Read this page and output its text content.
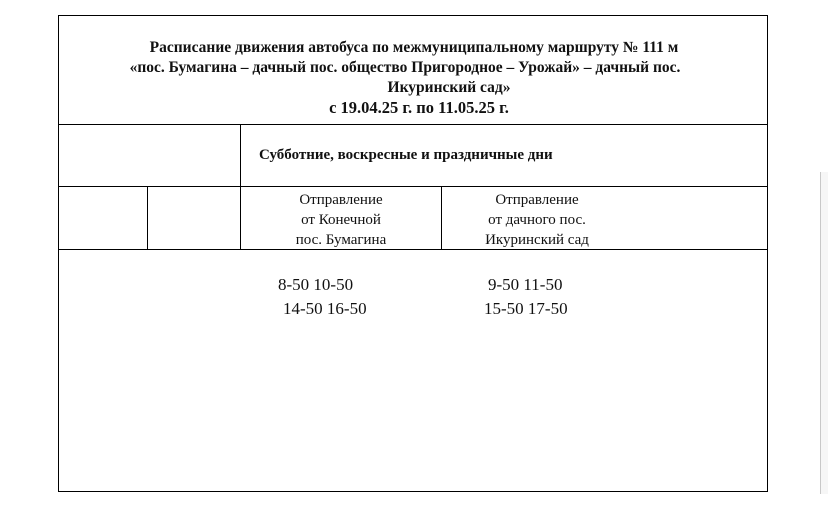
Расписание движения автобуса по межмуниципальному маршруту № 111 м
«пос. Бумагина – дачный пос. общество Пригородное – Урожай» – дачный пос.
Икуринский сад»
с 19.04.25 г. по 11.05.25 г.
Субботние, воскресные и праздничные дни
Отправление
от Конечной
пос. Бумагина
Отправление
от дачного пос.
Икуринский сад
8-50 10-50
14-50 16-50
9-50 11-50
15-50 17-50
